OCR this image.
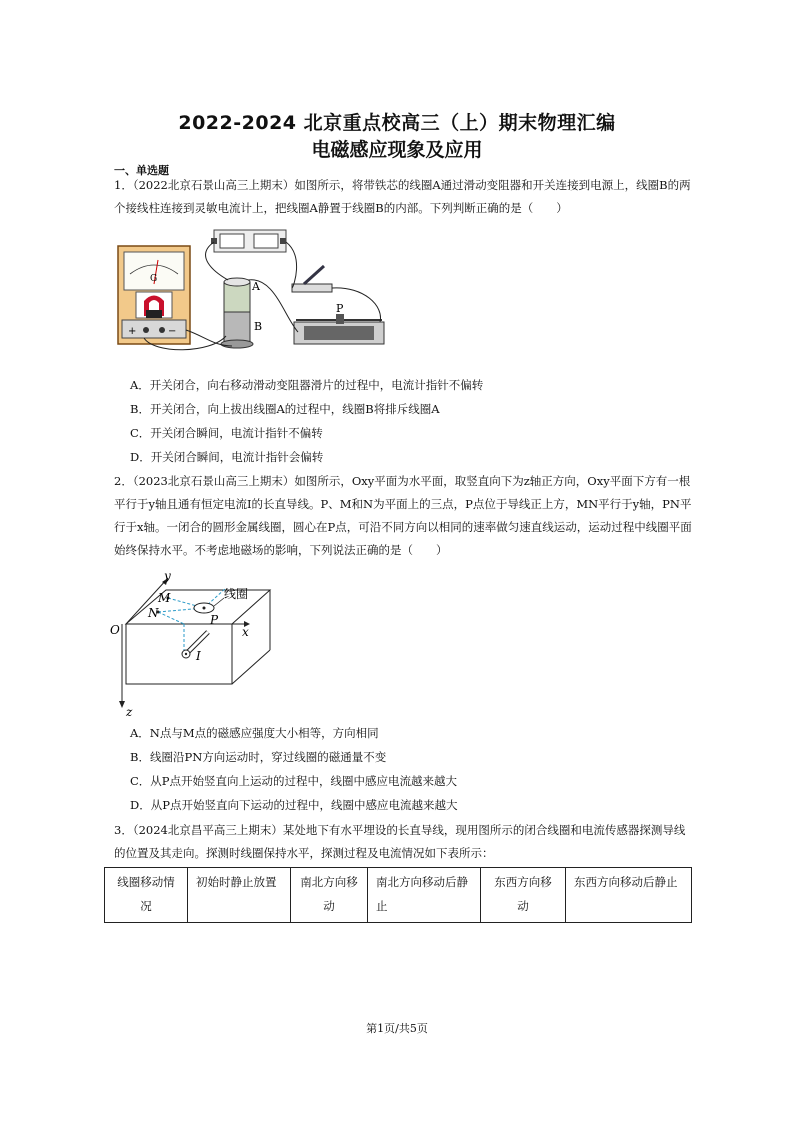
2022-2024 北京重点校高三（上）期末物理汇编
电磁感应现象及应用
一、单选题
1．（2022北京石景山高三上期末）如图所示，将带铁芯的线圈A通过滑动变阻器和开关连接到电源上，线圈B的两个接线柱连接到灵敏电流计上，把线圈A静置于线圈B的内部。下列判断正确的是（　　）
G
+	−
A
B
P
A．开关闭合，向右移动滑动变阻器滑片的过程中，电流计指针不偏转
B．开关闭合，向上拔出线圈A的过程中，线圈B将排斥线圈A
C．开关闭合瞬间，电流计指针不偏转
D．开关闭合瞬间，电流计指针会偏转
2．（2023北京石景山高三上期末）如图所示，Oxy平面为水平面，取竖直向下为z轴正方向，Oxy平面下方有一根平行于y轴且通有恒定电流I的长直导线。P、M和N为平面上的三点，P点位于导线正上方，MN平行于y轴，PN平行于x轴。一闭合的圆形金属线圈，圆心在P点，可沿不同方向以相同的速率做匀速直线运动，运动过程中线圈平面始终保持水平。不考虑地磁场的影响，下列说法正确的是（　　）
y
x
z
O
M
N	P
I
线圈
A．N点与M点的磁感应强度大小相等，方向相同
B．线圈沿PN方向运动时，穿过线圈的磁通量不变
C．从P点开始竖直向上运动的过程中，线圈中感应电流越来越大
D．从P点开始竖直向下运动的过程中，线圈中感应电流越来越大
3．（2024北京昌平高三上期末）某处地下有水平埋设的长直导线，现用图所示的闭合线圈和电流传感器探测导线的位置及其走向。探测时线圈保持水平，探测过程及电流情况如下表所示：
线圈移动情况	初始时静止放置	南北方向移动	南北方向移动后静止	东西方向移动	东西方向移动后静止
第1页/共5页
